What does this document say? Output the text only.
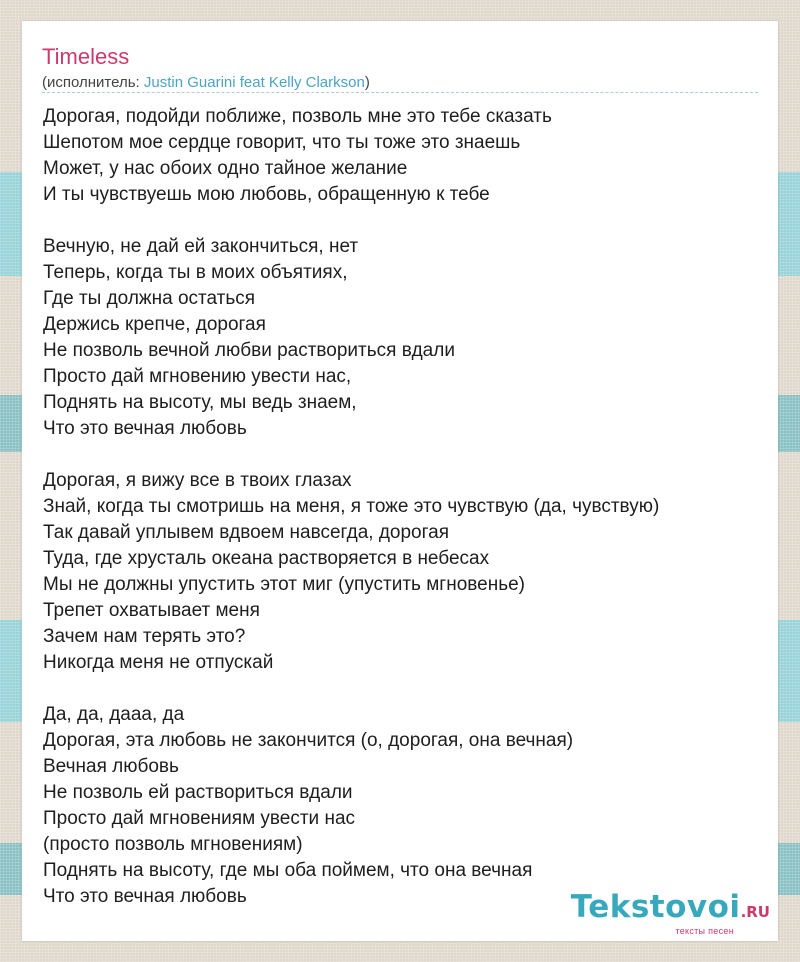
Timeless
(исполнитель: Justin Guarini feat Kelly Clarkson)
Дорогая, подойди поближе, позволь мне это тебе сказать
Шепотом мое сердце говорит, что ты тоже это знаешь
Может, у нас обоих одно тайное желание
И ты чувствуешь мою любовь, обращенную к тебе
Вечную, не дай ей закончиться, нет
Теперь, когда ты в моих объятиях,
Где ты должна остаться
Держись крепче, дорогая
Не позволь вечной любви раствориться вдали
Просто дай мгновению увести нас,
Поднять на высоту, мы ведь знаем,
Что это вечная любовь
Дорогая, я вижу все в твоих глазах
Знай, когда ты смотришь на меня, я тоже это чувствую (да, чувствую)
Так давай уплывем вдвоем навсегда, дорогая
Туда, где хрусталь океана растворяется в небесах
Мы не должны упустить этот миг (упустить мгновенье)
Трепет охватывает меня
Зачем нам терять это?
Никогда меня не отпускай
Да, да, дааа, да
Дорогая, эта любовь не закончится (о, дорогая, она вечная)
Вечная любовь
Не позволь ей раствориться вдали
Просто дай мгновениям увести нас
(просто позволь мгновениям)
Поднять на высоту, где мы оба поймем, что она вечная
Что это вечная любовь	Tekstovoi.RU
тексты песен
